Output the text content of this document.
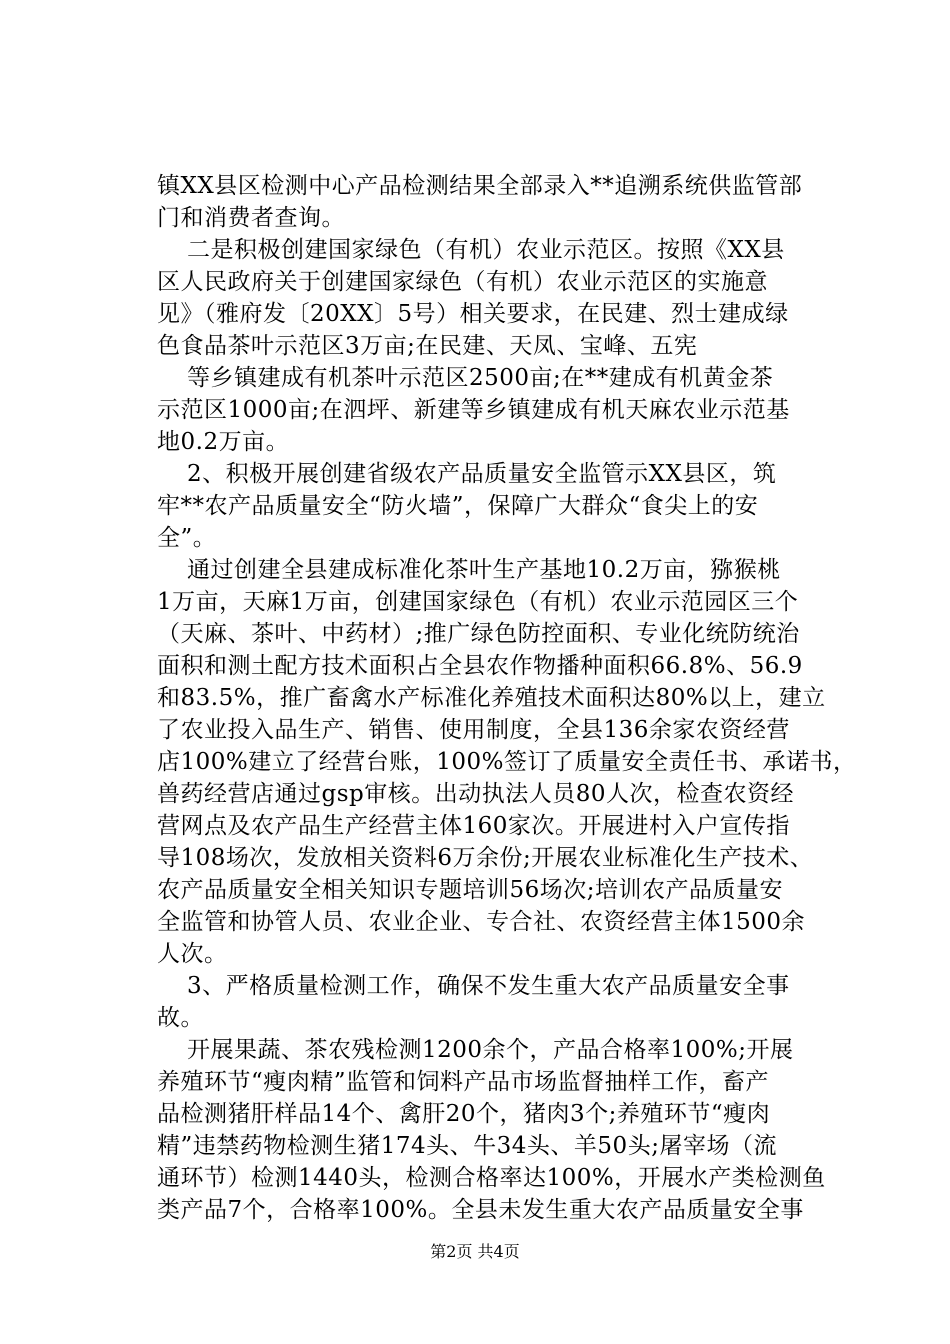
镇XX县区检测中心产品检测结果全部录入**追溯系统供监管部
门和消费者查询。
二是积极创建国家绿色（有机）农业示范区。按照《XX县
区人民政府关于创建国家绿色（有机）农业示范区的实施意
见》（雅府发〔20XX〕5号）相关要求，在民建、烈士建成绿
色食品茶叶示范区3万亩;在民建、天凤、宝峰、五宪
等乡镇建成有机茶叶示范区2500亩;在**建成有机黄金茶
示范区1000亩;在泗坪、新建等乡镇建成有机天麻农业示范基
地0.2万亩。
2、积极开展创建省级农产品质量安全监管示XX县区，筑
牢**农产品质量安全“防火墙”，保障广大群众“食尖上的安
全”。
通过创建全县建成标准化茶叶生产基地10.2万亩，猕猴桃
1万亩，天麻1万亩，创建国家绿色（有机）农业示范园区三个
（天麻、茶叶、中药材）;推广绿色防控面积、专业化统防统治
面积和测土配方技术面积占全县农作物播种面积66.8%、56.9
和83.5%，推广畜禽水产标准化养殖技术面积达80%以上，建立
了农业投入品生产、销售、使用制度，全县136余家农资经营
店100%建立了经营台账，100%签订了质量安全责任书、承诺书，
兽药经营店通过gsp审核。出动执法人员80人次，检查农资经
营网点及农产品生产经营主体160家次。开展进村入户宣传指
导108场次，发放相关资料6万余份;开展农业标准化生产技术、
农产品质量安全相关知识专题培训56场次;培训农产品质量安
全监管和协管人员、农业企业、专合社、农资经营主体1500余
人次。
3、严格质量检测工作，确保不发生重大农产品质量安全事
故。
开展果蔬、茶农残检测1200余个，产品合格率100%;开展
养殖环节“瘦肉精”监管和饲料产品市场监督抽样工作，畜产
品检测猪肝样品14个、禽肝20个，猪肉3个;养殖环节“瘦肉
精”违禁药物检测生猪174头、牛34头、羊50头;屠宰场（流
通环节）检测1440头，检测合格率达100%，开展水产类检测鱼
类产品7个，合格率100%。全县未发生重大农产品质量安全事
第2页 共4页
